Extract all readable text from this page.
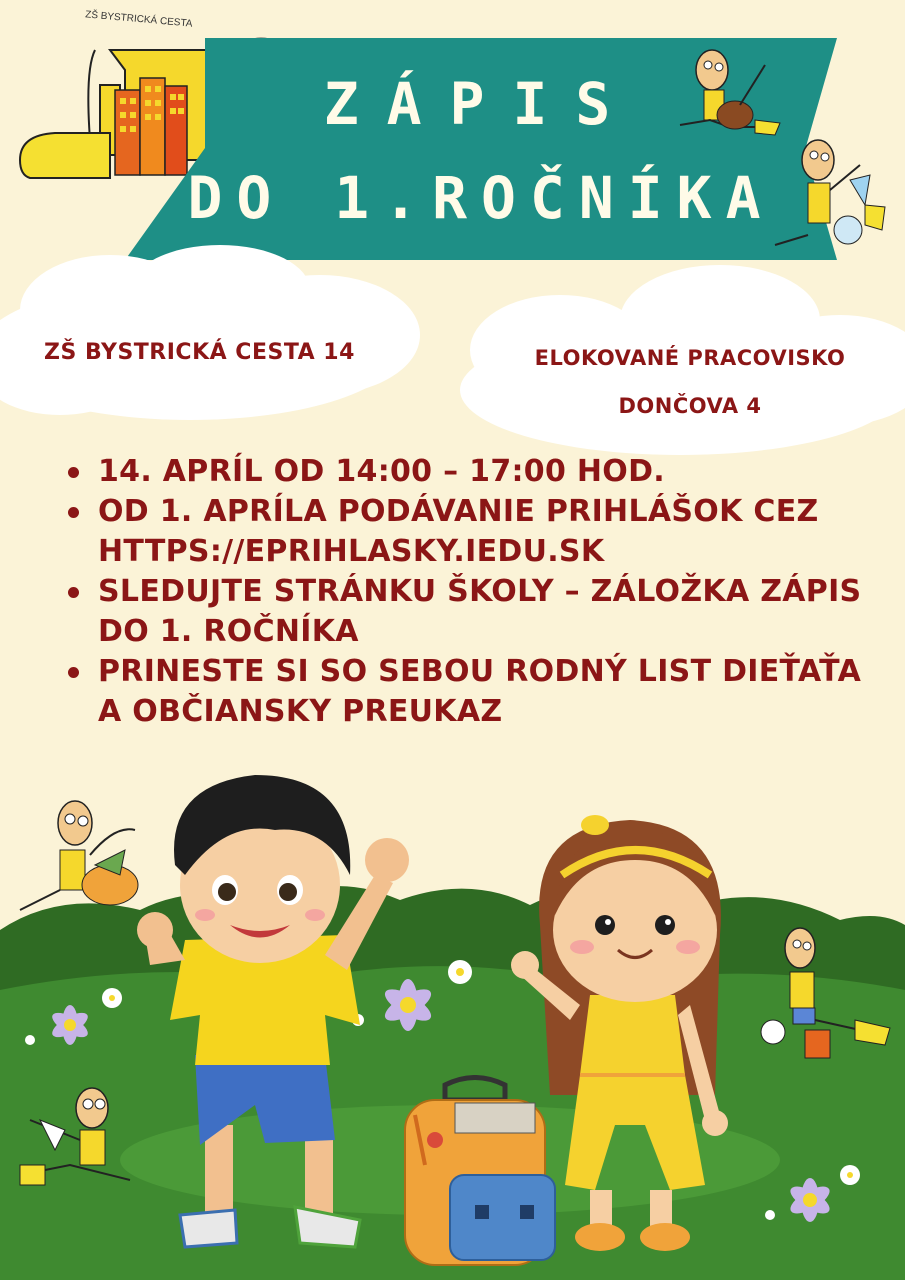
ZŠ BYSTRICKÁ CESTA
ZÁPIS
DO 1.ROČNÍKA
ZŠ BYSTRICKÁ CESTA 14	ELOKOVANÉ PRACOVISKO
DONČOVA 4
14. APRÍL OD 14:00 – 17:00 HOD.
OD 1. APRÍLA PODÁVANIE PRIHLÁŠOK CEZ
HTTPS://EPRIHLASKY.IEDU.SK
SLEDUJTE STRÁNKU ŠKOLY – ZÁLOŽKA ZÁPIS
DO 1. ROČNÍKA
PRINESTE SI SO SEBOU RODNÝ LIST DIEŤAŤA
A OBČIANSKY PREUKAZ
